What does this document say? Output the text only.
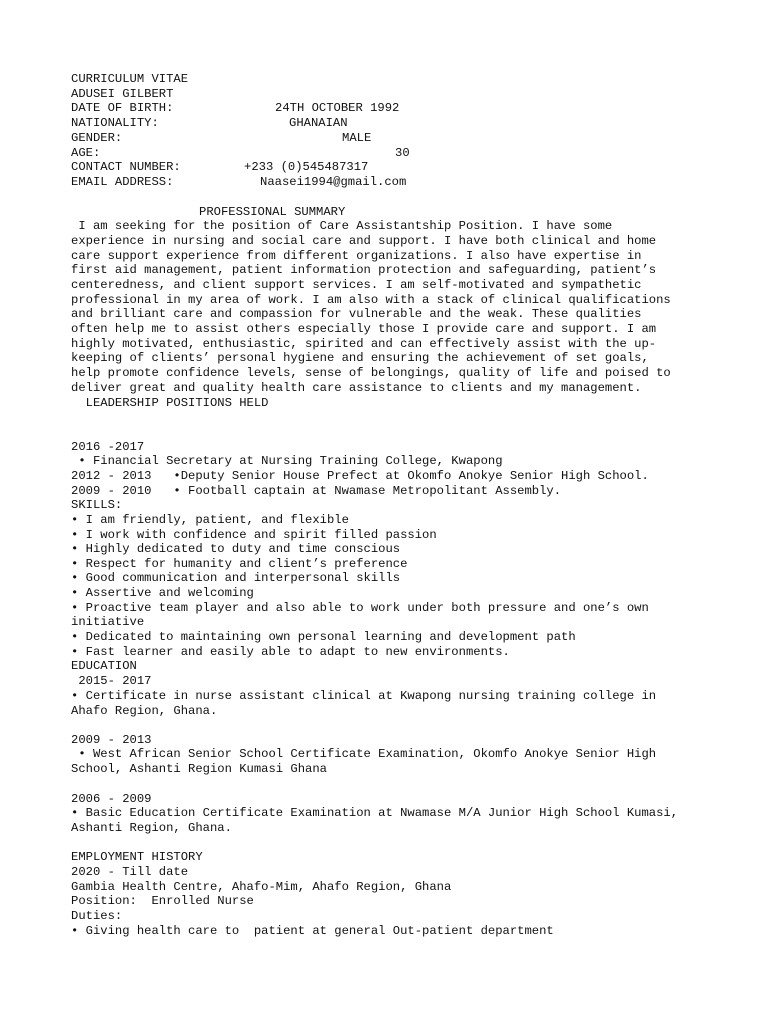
CURRICULUM VITAE

ADUSEI GILBERT

DATE OF BIRTH:	24TH OCTOBER 1992

NATIONALITY:	GHANAIAN

GENDER:	MALE

AGE:	30

CONTACT NUMBER:	+233 (0)545487317

EMAIL ADDRESS:	Naasei1994@gmail.com

PROFESSIONAL SUMMARY

I am seeking for the position of Care Assistantship Position. I have some

experience in nursing and social care and support. I have both clinical and home

care support experience from different organizations. I also have expertise in

first aid management, patient information protection and safeguarding, patient’s

centeredness, and client support services. I am self-motivated and sympathetic

professional in my area of work. I am also with a stack of clinical qualifications

and brilliant care and compassion for vulnerable and the weak. These qualities

often help me to assist others especially those I provide care and support. I am

highly motivated, enthusiastic, spirited and can effectively assist with the up-

keeping of clients’ personal hygiene and ensuring the achievement of set goals,

help promote confidence levels, sense of belongings, quality of life and poised to

deliver great and quality health care assistance to clients and my management.

LEADERSHIP POSITIONS HELD

2016 -2017

• Financial Secretary at Nursing Training College, Kwapong

2012 - 2013   •Deputy Senior House Prefect at Okomfo Anokye Senior High School.

2009 - 2010   • Football captain at Nwamase Metropolitant Assembly.

SKILLS:

• I am friendly, patient, and flexible

• I work with confidence and spirit filled passion

• Highly dedicated to duty and time conscious

• Respect for humanity and client’s preference

• Good communication and interpersonal skills

• Assertive and welcoming

• Proactive team player and also able to work under both pressure and one’s own

initiative

• Dedicated to maintaining own personal learning and development path

• Fast learner and easily able to adapt to new environments.

EDUCATION

2015- 2017

• Certificate in nurse assistant clinical at Kwapong nursing training college in

Ahafo Region, Ghana.

2009 - 2013

• West African Senior School Certificate Examination, Okomfo Anokye Senior High

School, Ashanti Region Kumasi Ghana

2006 - 2009

• Basic Education Certificate Examination at Nwamase M/A Junior High School Kumasi,

Ashanti Region, Ghana.

EMPLOYMENT HISTORY

2020 - Till date

Gambia Health Centre, Ahafo-Mim, Ahafo Region, Ghana

Position:  Enrolled Nurse

Duties:

• Giving health care to  patient at general Out-patient department
